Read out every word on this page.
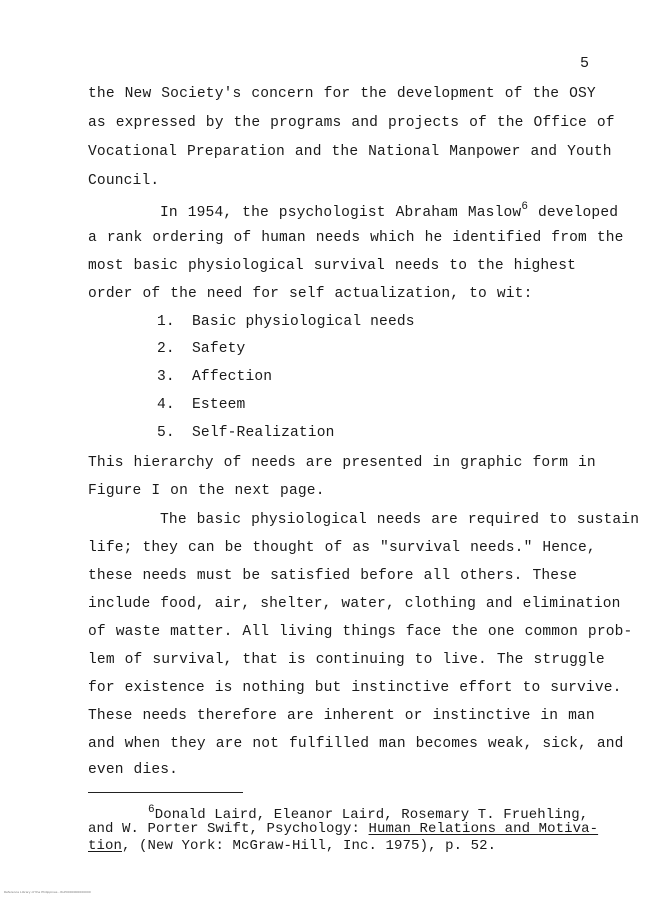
5
the New Society's concern for the development of the OSY
as expressed by the programs and projects of the Office of
Vocational Preparation and the National Manpower and Youth
Council.
In 1954, the psychologist Abraham Maslow$^6$ developed
a rank ordering of human needs which he identified from the
most basic physiological survival needs to the highest
order of the need for self actualization, to wit:
1. Basic physiological needs
2. Safety
3. Affection
4. Esteem
5. Self-Realization
This hierarchy of needs are presented in graphic form in
Figure I on the next page.
The basic physiological needs are required to sustain
life; they can be thought of as "survival needs." Hence,
these needs must be satisfied before all others. These
include food, air, shelter, water, clothing and elimination
of waste matter. All living things face the one common prob-
lem of survival, that is continuing to live. The struggle
for existence is nothing but instinctive effort to survive.
These needs therefore are inherent or instinctive in man
and when they are not fulfilled man becomes weak, sick, and
even dies.
$^6$Donald Laird, Eleanor Laird, Rosemary T. Fruehling,
and W. Porter Swift, Psychology: Human Relations and Motiva-
tion, (New York: McGraw-Hill, Inc. 1975), p. 52.
Reference Library of the Philippines - RLP0000000000000
